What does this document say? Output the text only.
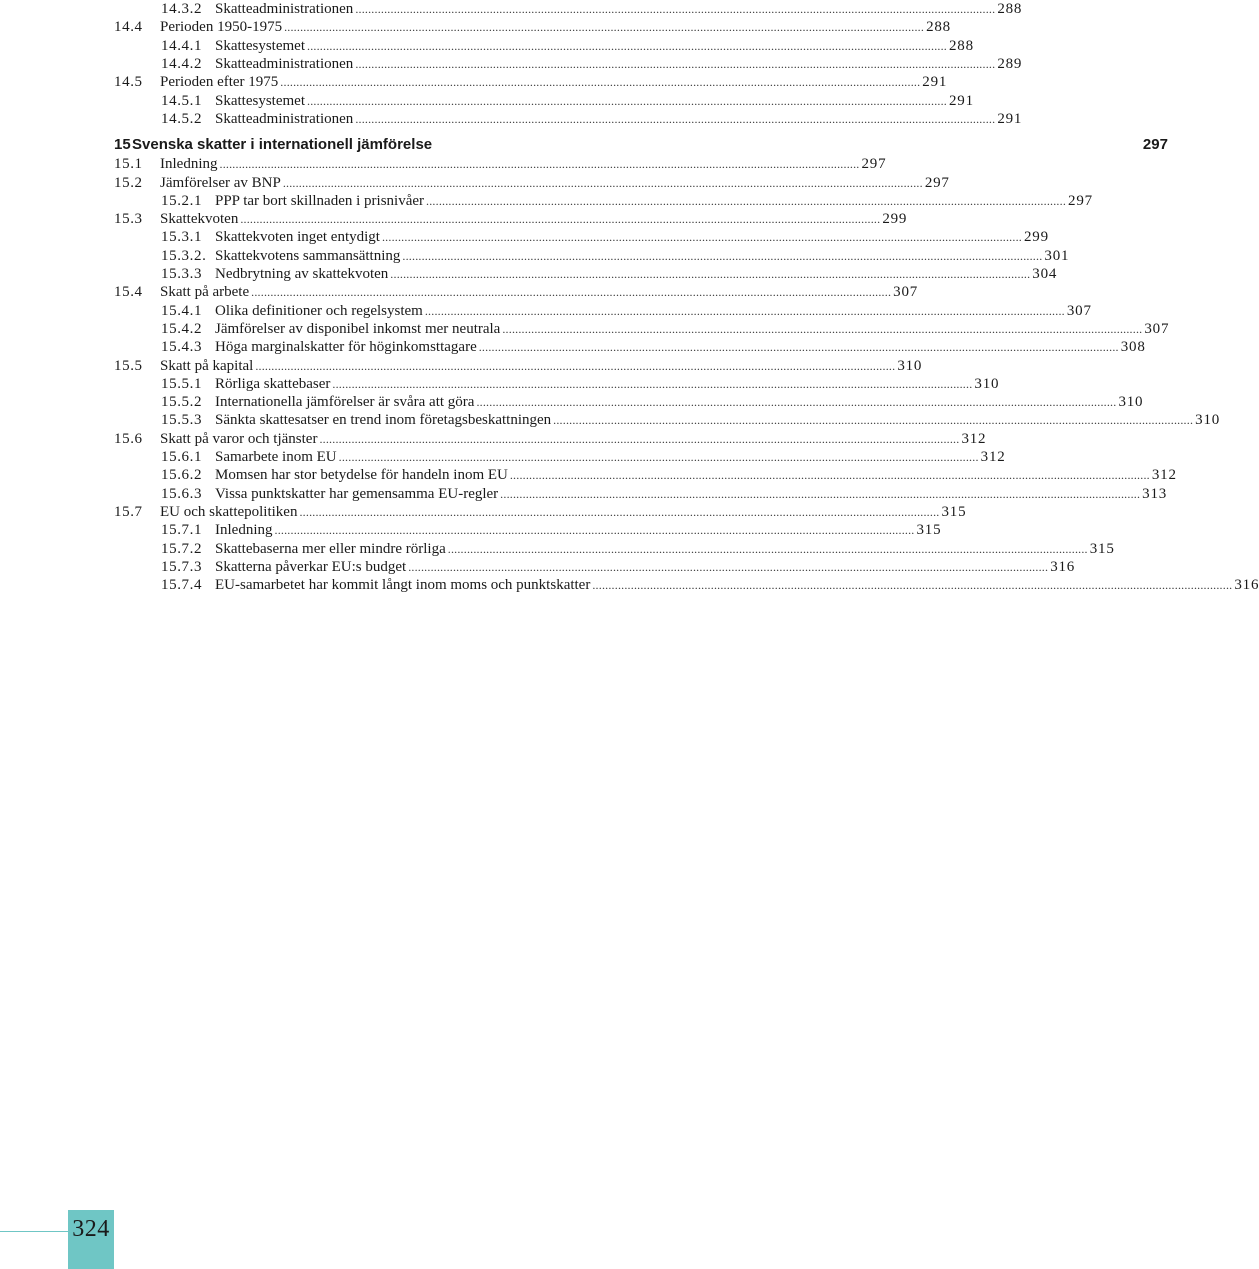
14.3.2 Skatteadministrationen ........................................................................................................................................................................................................ 288
14.4 Perioden 1950-1975 ........................................................................................................................................................................................................ 288
14.4.1 Skattesystemet ........................................................................................................................................................................................................ 288
14.4.2 Skatteadministrationen ........................................................................................................................................................................................................ 289
14.5 Perioden efter 1975 ........................................................................................................................................................................................................ 291
14.5.1 Skattesystemet ........................................................................................................................................................................................................ 291
14.5.2 Skatteadministrationen ........................................................................................................................................................................................................ 291
15 Svenska skatter i internationell jämförelse	297
15.1 Inledning ........................................................................................................................................................................................................ 297
15.2 Jämförelser av BNP ........................................................................................................................................................................................................ 297
15.2.1 PPP tar bort skillnaden i prisnivåer ........................................................................................................................................................................................................ 297
15.3 Skattekvoten ........................................................................................................................................................................................................ 299
15.3.1 Skattekvoten inget entydigt ........................................................................................................................................................................................................ 299
15.3.2. Skattekvotens sammansättning ........................................................................................................................................................................................................ 301
15.3.3 Nedbrytning av skattekvoten ........................................................................................................................................................................................................ 304
15.4 Skatt på arbete ........................................................................................................................................................................................................ 307
15.4.1 Olika definitioner och regelsystem ........................................................................................................................................................................................................ 307
15.4.2 Jämförelser av disponibel inkomst mer neutrala ........................................................................................................................................................................................................ 307
15.4.3 Höga marginalskatter för höginkomsttagare ........................................................................................................................................................................................................ 308
15.5 Skatt på kapital ........................................................................................................................................................................................................ 310
15.5.1 Rörliga skattebaser ........................................................................................................................................................................................................ 310
15.5.2 Internationella jämförelser är svåra att göra ........................................................................................................................................................................................................ 310
15.5.3 Sänkta skattesatser en trend inom företagsbeskattningen ........................................................................................................................................................................................................ 310
15.6 Skatt på varor och tjänster ........................................................................................................................................................................................................ 312
15.6.1 Samarbete inom EU ........................................................................................................................................................................................................ 312
15.6.2 Momsen har stor betydelse för handeln inom EU ........................................................................................................................................................................................................ 312
15.6.3 Vissa punktskatter har gemensamma EU-regler ........................................................................................................................................................................................................ 313
15.7 EU och skattepolitiken ........................................................................................................................................................................................................ 315
15.7.1 Inledning ........................................................................................................................................................................................................ 315
15.7.2 Skattebaserna mer eller mindre rörliga ........................................................................................................................................................................................................ 315
15.7.3 Skatterna påverkar EU:s budget ........................................................................................................................................................................................................ 316
15.7.4 EU-samarbetet har kommit långt inom moms och punktskatter ........................................................................................................................................................................................................ 316
324
